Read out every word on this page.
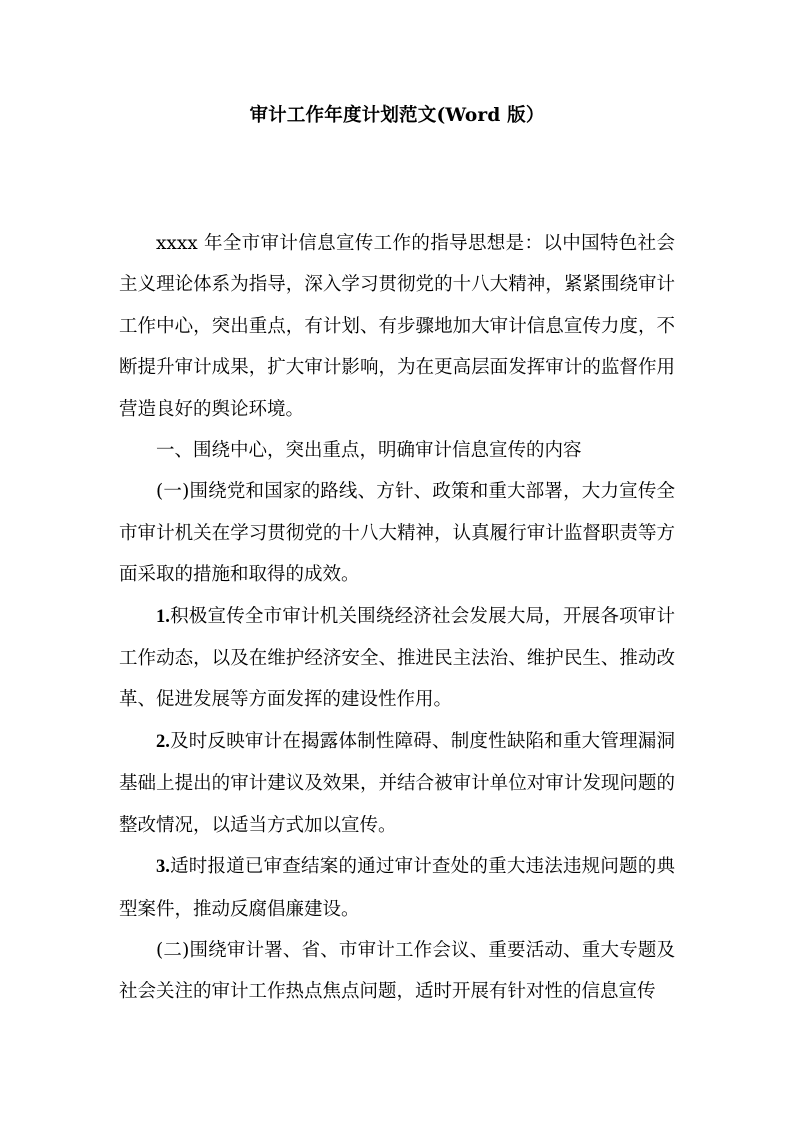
审计工作年度计划范文(Word 版）

xxxx 年全市审计信息宣传工作的指导思想是：以中国特色社会主义理论体系为指导，深入学习贯彻党的十八大精神，紧紧围绕审计工作中心，突出重点，有计划、有步骤地加大审计信息宣传力度，不断提升审计成果，扩大审计影响，为在更高层面发挥审计的监督作用营造良好的舆论环境。

一、围绕中心，突出重点，明确审计信息宣传的内容

(一)围绕党和国家的路线、方针、政策和重大部署，大力宣传全市审计机关在学习贯彻党的十八大精神，认真履行审计监督职责等方面采取的措施和取得的成效。

1.积极宣传全市审计机关围绕经济社会发展大局，开展各项审计工作动态，以及在维护经济安全、推进民主法治、维护民生、推动改革、促进发展等方面发挥的建设性作用。

2.及时反映审计在揭露体制性障碍、制度性缺陷和重大管理漏洞基础上提出的审计建议及效果，并结合被审计单位对审计发现问题的整改情况，以适当方式加以宣传。

3.适时报道已审查结案的通过审计查处的重大违法违规问题的典型案件，推动反腐倡廉建设。

(二)围绕审计署、省、市审计工作会议、重要活动、重大专题及社会关注的审计工作热点焦点问题，适时开展有针对性的信息宣传
